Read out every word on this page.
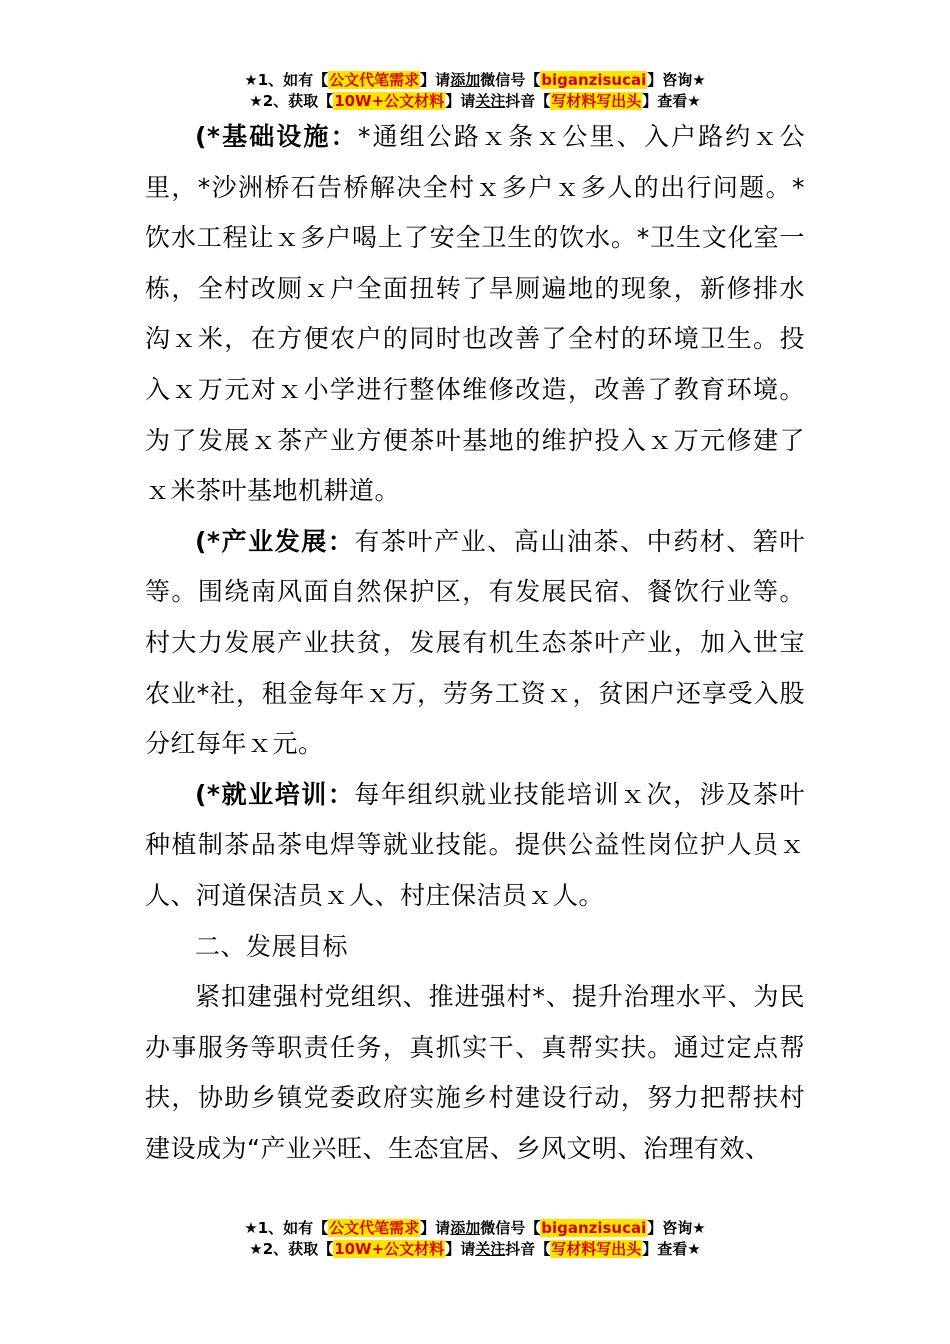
★1、如有【公文代笔需求】请添加微信号【biganzisucai】咨询★
★2、获取【10W+公文材料】请关注抖音【写材料写出头】查看★

(*基础设施：*通组公路ｘ条ｘ公里、入户路约ｘ公里，*沙洲桥石告桥解决全村ｘ多户ｘ多人的出行问题。*饮水工程让ｘ多户喝上了安全卫生的饮水。*卫生文化室一栋，全村改厕ｘ户全面扭转了旱厕遍地的现象，新修排水沟ｘ米，在方便农户的同时也改善了全村的环境卫生。投入ｘ万元对ｘ小学进行整体维修改造，改善了教育环境。为了发展ｘ茶产业方便茶叶基地的维护投入ｘ万元修建了ｘ米茶叶基地机耕道。

(*产业发展：有茶叶产业、高山油茶、中药材、箬叶等。围绕南风面自然保护区，有发展民宿、餐饮行业等。村大力发展产业扶贫，发展有机生态茶叶产业，加入世宝农业*社，租金每年ｘ万，劳务工资ｘ，贫困户还享受入股分红每年ｘ元。

(*就业培训：每年组织就业技能培训ｘ次，涉及茶叶种植制茶品茶电焊等就业技能。提供公益性岗位护人员ｘ人、河道保洁员ｘ人、村庄保洁员ｘ人。

二、发展目标

紧扣建强村党组织、推进强村*、提升治理水平、为民办事服务等职责任务，真抓实干、真帮实扶。通过定点帮扶，协助乡镇党委政府实施乡村建设行动，努力把帮扶村建设成为“产业兴旺、生态宜居、乡风文明、治理有效、

★1、如有【公文代笔需求】请添加微信号【biganzisucai】咨询★
★2、获取【10W+公文材料】请关注抖音【写材料写出头】查看★
